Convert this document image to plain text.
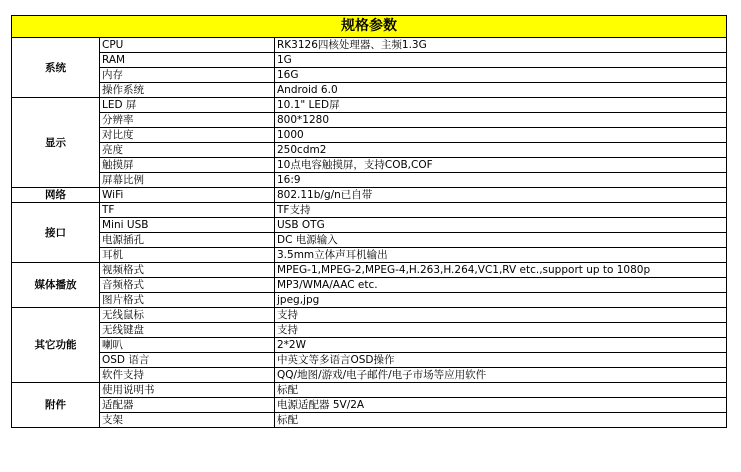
规格参数		
系统	CPU	RK3126四核处理器、主频1.3G
	RAM	1G
	内存	16G
	操作系统	Android 6.0
显示	LED 屏	10.1" LED屏
	分辨率	800*1280
	对比度	1000
	亮度	250cdm2
	触摸屏	10点电容触摸屏，支持COB,COF
	屏幕比例	16:9
网络	WiFi	802.11b/g/n已自带
接口	TF	TF支持
	Mini USB	USB OTG
	电源插孔	DC 电源输入
	耳机	3.5mm立体声耳机输出
媒体播放	视频格式	MPEG-1,MPEG-2,MPEG-4,H.263,H.264,VC1,RV etc.,support up to 1080p
	音频格式	MP3/WMA/AAC etc.
	图片格式	jpeg,jpg
其它功能	无线鼠标	支持
	无线键盘	支持
	喇叭	2*2W
	OSD 语言	中英文等多语言OSD操作
	软件支持	QQ/地图/游戏/电子邮件/电子市场等应用软件
附件	使用说明书	标配
	适配器	电源适配器 5V/2A
	支架	标配
